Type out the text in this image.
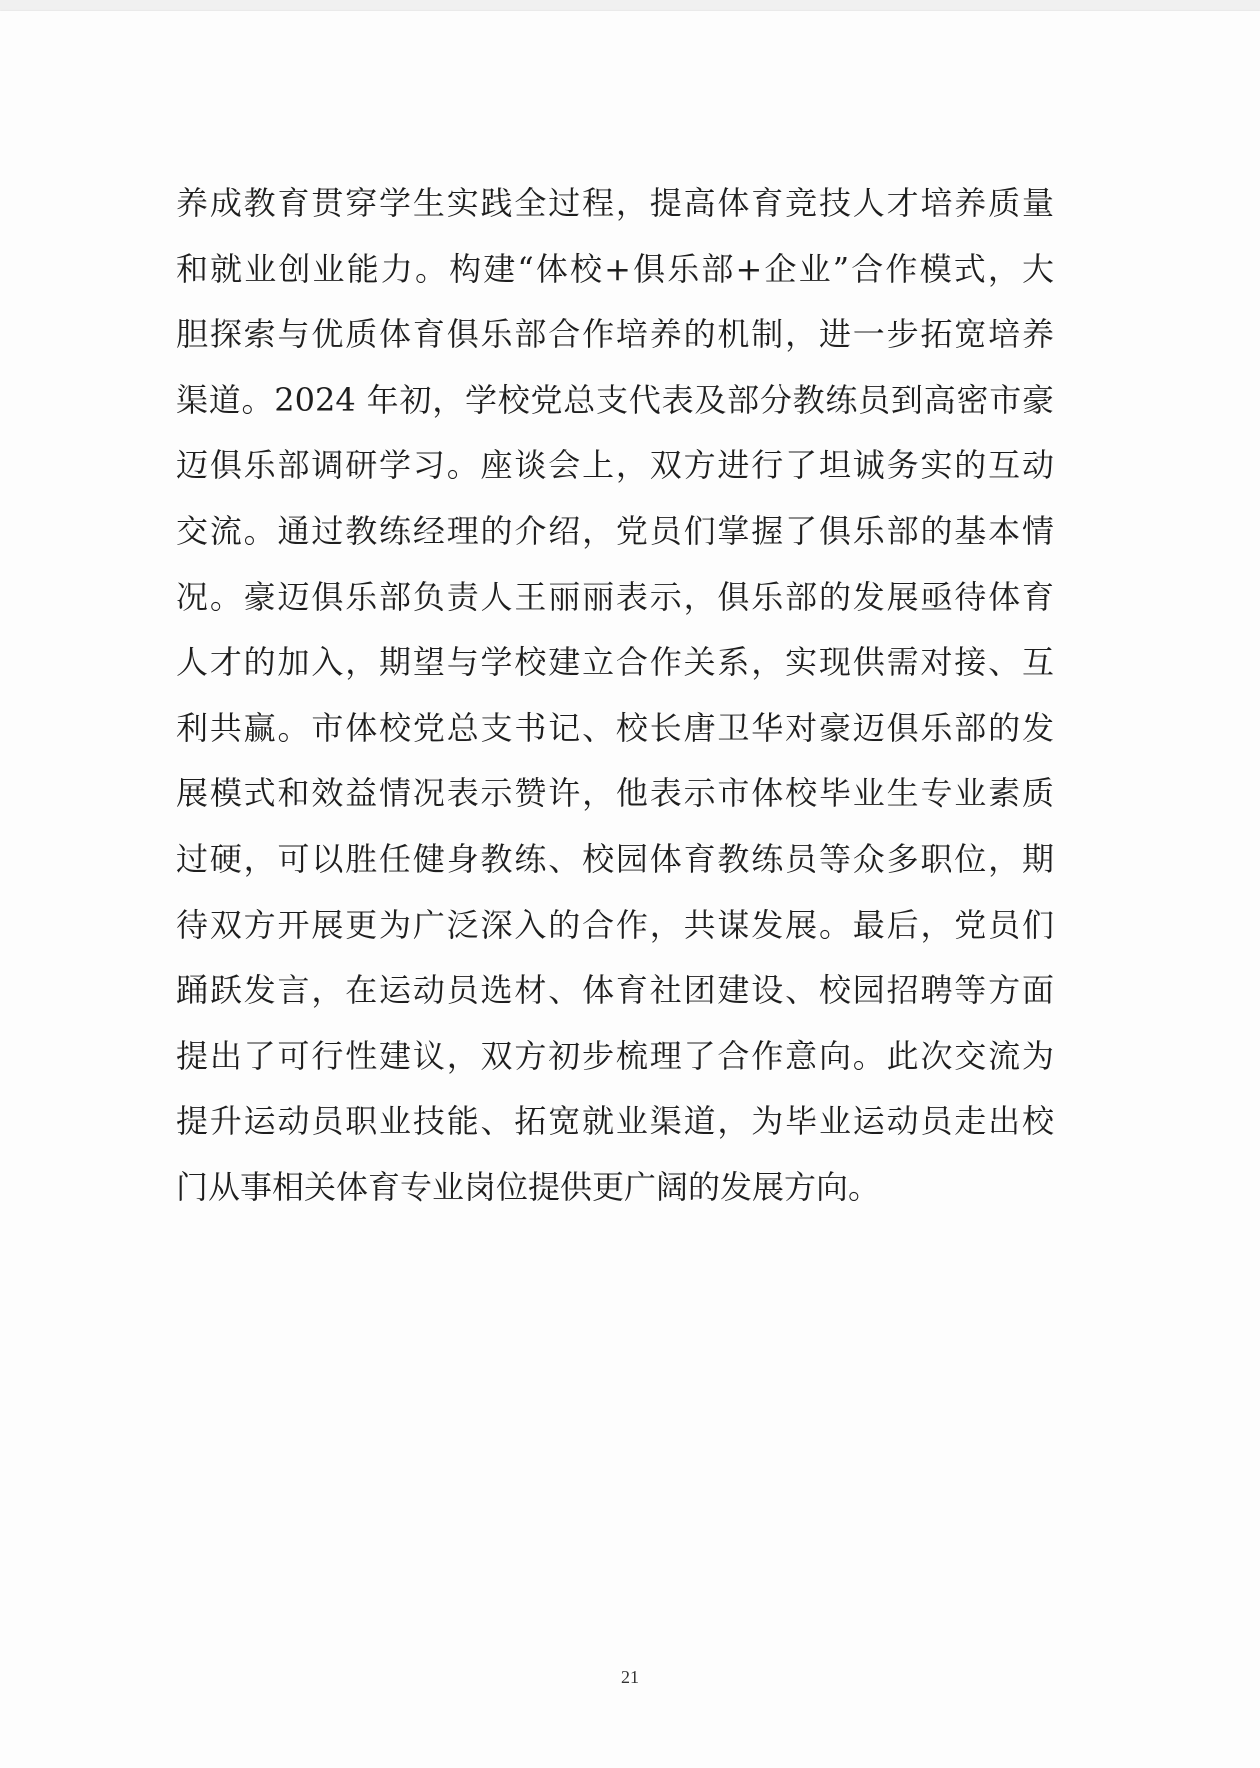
养成教育贯穿学生实践全过程，提高体育竞技人才培养质量
和就业创业能力。构建“体校+俱乐部+企业”合作模式，大
胆探索与优质体育俱乐部合作培养的机制，进一步拓宽培养
渠道。2024 年初，学校党总支代表及部分教练员到高密市豪
迈俱乐部调研学习。座谈会上，双方进行了坦诚务实的互动
交流。通过教练经理的介绍，党员们掌握了俱乐部的基本情
况。豪迈俱乐部负责人王丽丽表示，俱乐部的发展亟待体育
人才的加入，期望与学校建立合作关系，实现供需对接、互
利共赢。市体校党总支书记、校长唐卫华对豪迈俱乐部的发
展模式和效益情况表示赞许，他表示市体校毕业生专业素质
过硬，可以胜任健身教练、校园体育教练员等众多职位，期
待双方开展更为广泛深入的合作，共谋发展。最后，党员们
踊跃发言，在运动员选材、体育社团建设、校园招聘等方面
提出了可行性建议，双方初步梳理了合作意向。此次交流为
提升运动员职业技能、拓宽就业渠道，为毕业运动员走出校
门从事相关体育专业岗位提供更广阔的发展方向。
21
